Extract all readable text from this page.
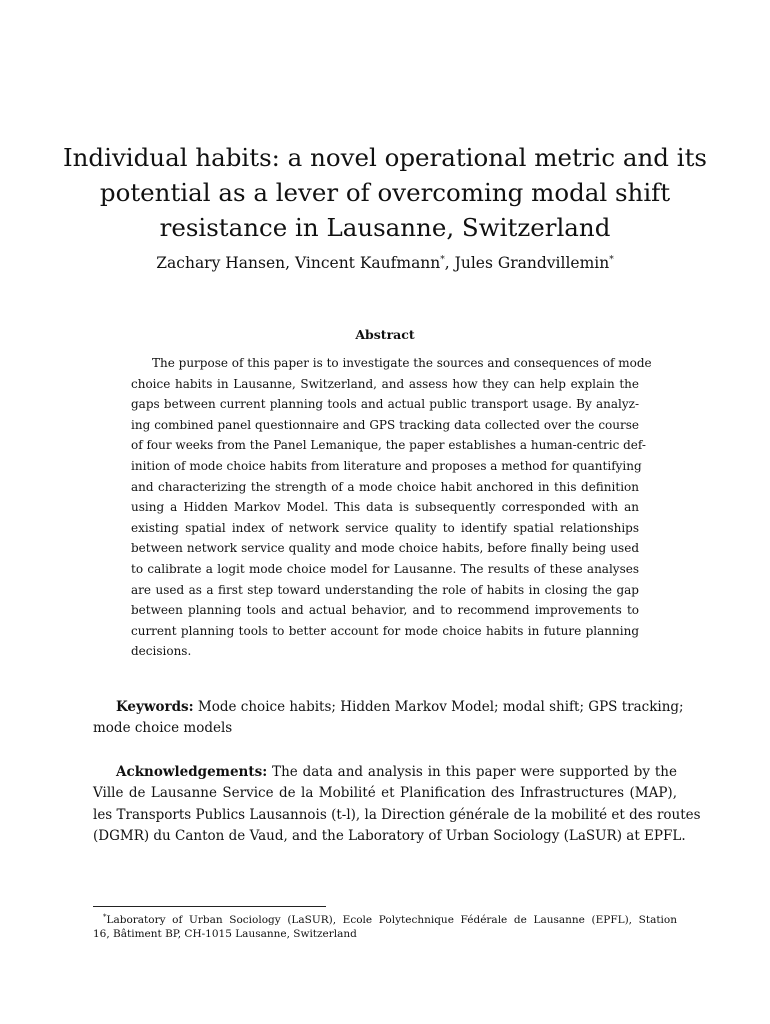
Individual habits: a novel operational metric and its
potential as a lever of overcoming modal shift
resistance in Lausanne, Switzerland
Zachary Hansen, Vincent Kaufmann*, Jules Grandvillemin*
Abstract

The purpose of this paper is to investigate the sources and consequences of mode
choice habits in Lausanne, Switzerland, and assess how they can help explain the
gaps between current planning tools and actual public transport usage. By analyz-
ing combined panel questionnaire and GPS tracking data collected over the course
of four weeks from the Panel Lemanique, the paper establishes a human-centric def-
inition of mode choice habits from literature and proposes a method for quantifying
and characterizing the strength of a mode choice habit anchored in this definition
using a Hidden Markov Model. This data is subsequently corresponded with an
existing spatial index of network service quality to identify spatial relationships
between network service quality and mode choice habits, before finally being used
to calibrate a logit mode choice model for Lausanne. The results of these analyses
are used as a first step toward understanding the role of habits in closing the gap
between planning tools and actual behavior, and to recommend improvements to
current planning tools to better account for mode choice habits in future planning
decisions.

Keywords: Mode choice habits; Hidden Markov Model; modal shift; GPS tracking;
mode choice models

Acknowledgements: The data and analysis in this paper were supported by the
Ville de Lausanne Service de la Mobilité et Planification des Infrastructures (MAP),
les Transports Publics Lausannois (t-l), la Direction générale de la mobilité et des routes
(DGMR) du Canton de Vaud, and the Laboratory of Urban Sociology (LaSUR) at EPFL.

*Laboratory of Urban Sociology (LaSUR), Ecole Polytechnique Fédérale de Lausanne (EPFL), Station
16, Bâtiment BP, CH-1015 Lausanne, Switzerland
